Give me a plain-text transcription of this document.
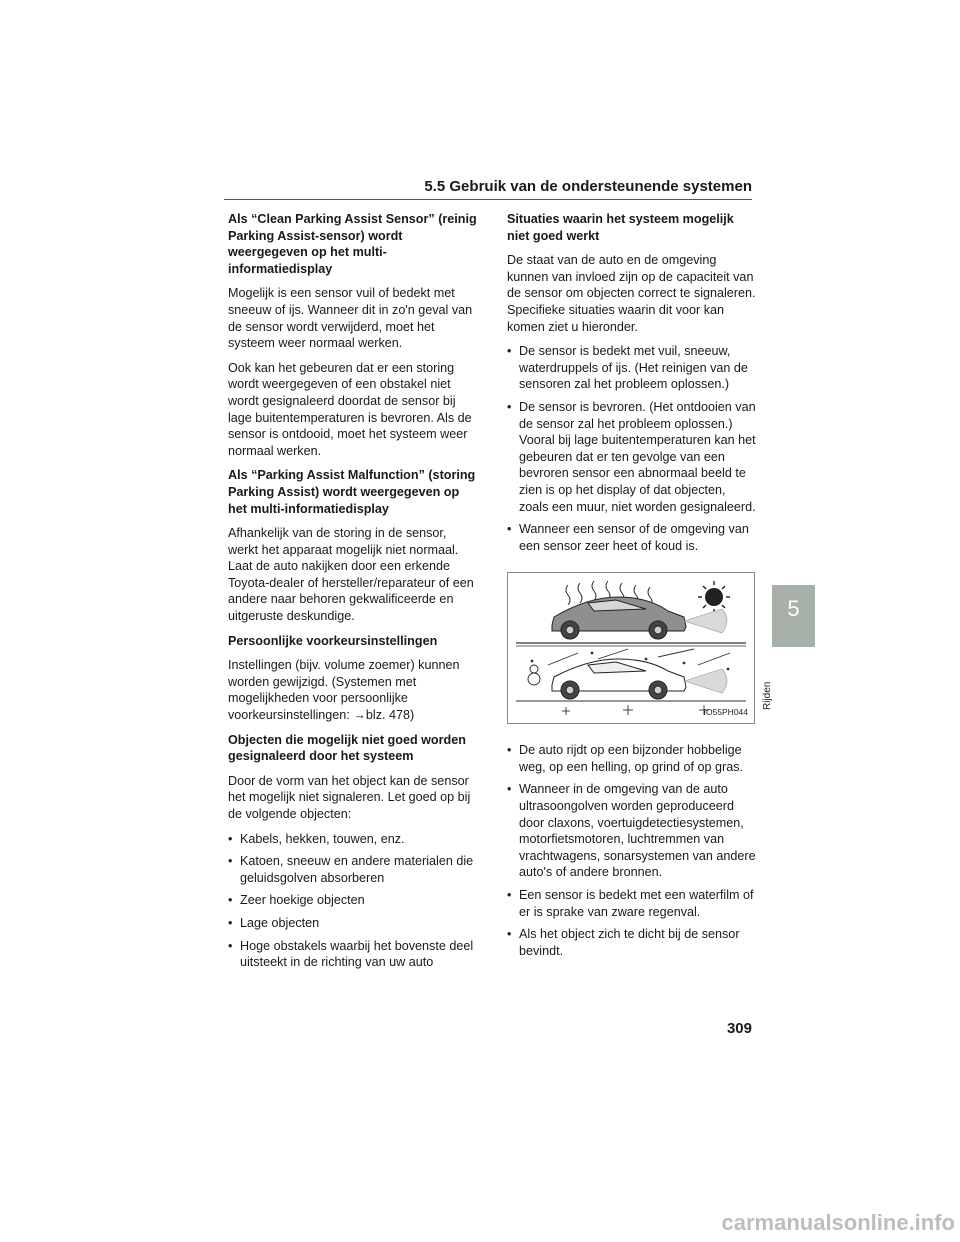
5.5 Gebruik van de ondersteunende systemen
Als “Clean Parking Assist Sensor” (reinig Parking Assist-sensor) wordt weergegeven op het multi-informatiedisplay

Mogelijk is een sensor vuil of bedekt met sneeuw of ijs. Wanneer dit in zo'n geval van de sensor wordt verwijderd, moet het systeem weer normaal werken.

Ook kan het gebeuren dat er een storing wordt weergegeven of een obstakel niet wordt gesignaleerd doordat de sensor bij lage buitentemperaturen is bevroren. Als de sensor is ontdooid, moet het systeem weer normaal werken.

Als “Parking Assist Malfunction” (storing Parking Assist) wordt weergegeven op het multi-informatiedisplay

Afhankelijk van de storing in de sensor, werkt het apparaat mogelijk niet normaal. Laat de auto nakijken door een erkende Toyota-dealer of hersteller/reparateur of een andere naar behoren gekwalificeerde en uitgeruste deskundige.

Persoonlijke voorkeursinstellingen

Instellingen (bijv. volume zoemer) kunnen worden gewijzigd. (Systemen met mogelijkheden voor persoonlijke voorkeursinstellingen: →blz. 478)

Objecten die mogelijk niet goed worden gesignaleerd door het systeem

Door de vorm van het object kan de sensor het mogelijk niet signaleren. Let goed op bij de volgende objecten:

• Kabels, hekken, touwen, enz.
• Katoen, sneeuw en andere materialen die geluidsgolven absorberen
• Zeer hoekige objecten
• Lage objecten
• Hoge obstakels waarbij het bovenste deel uitsteekt in de richting van uw auto
Situaties waarin het systeem mogelijk niet goed werkt

De staat van de auto en de omgeving kunnen van invloed zijn op de capaciteit van de sensor om objecten correct te signaleren. Specifieke situaties waarin dit voor kan komen ziet u hieronder.

• De sensor is bedekt met vuil, sneeuw, waterdruppels of ijs. (Het reinigen van de sensoren zal het probleem oplossen.)
• De sensor is bevroren. (Het ontdooien van de sensor zal het probleem oplossen.) Vooral bij lage buitentemperaturen kan het gebeuren dat er ten gevolge van een bevroren sensor een abnormaal beeld te zien is op het display of dat objecten, zoals een muur, niet worden gesignaleerd.
• Wanneer een sensor of de omgeving van een sensor zeer heet of koud is.
IO55PH044
• De auto rijdt op een bijzonder hobbelige weg, op een helling, op grind of op gras.
• Wanneer in de omgeving van de auto ultrasoongolven worden geproduceerd door claxons, voertuigdetectiesystemen, motorfietsmotoren, luchtremmen van vrachtwagens, sonarsystemen van andere auto's of andere bronnen.
• Een sensor is bedekt met een waterfilm of er is sprake van zware regenval.
• Als het object zich te dicht bij de sensor bevindt.
5
Rijden
309
carmanualsonline.info
